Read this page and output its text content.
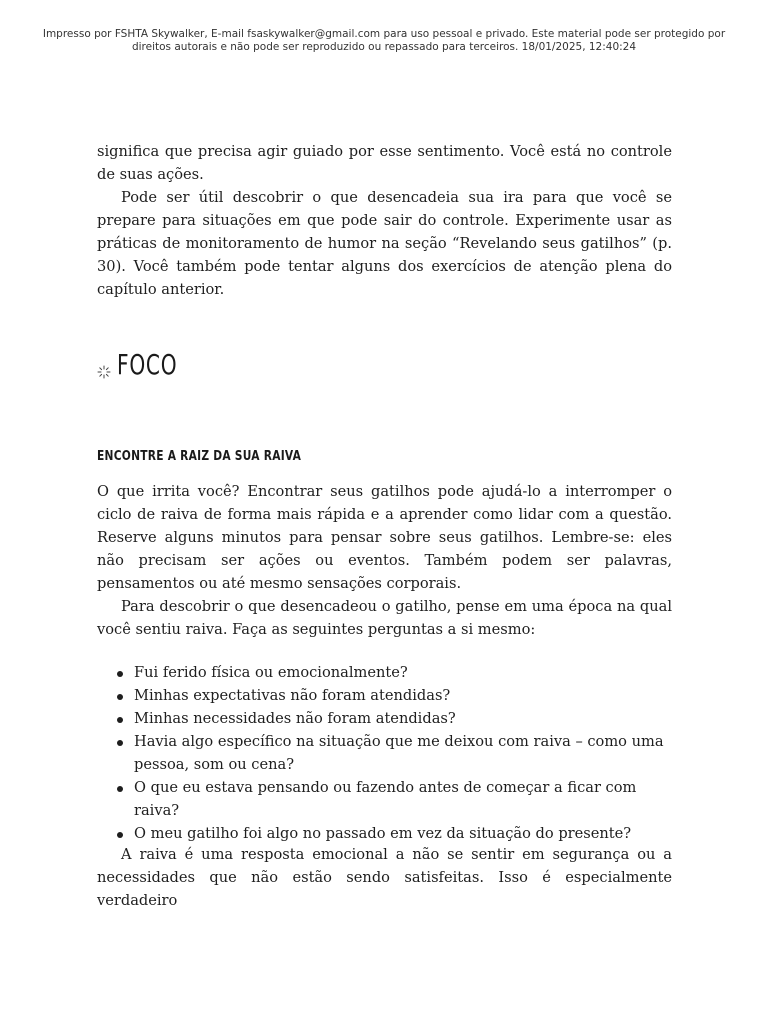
Impresso por FSHTA Skywalker, E-mail fsaskywalker@gmail.com para uso pessoal e privado. Este material pode ser protegido por
direitos autorais e não pode ser reproduzido ou repassado para terceiros. 18/01/2025, 12:40:24

significa que precisa agir guiado por esse sentimento. Você está no controle de suas ações.

Pode ser útil descobrir o que desencadeia sua ira para que você se prepare para situações em que pode sair do controle. Experimente usar as práticas de monitoramento de humor na seção “Revelando seus gatilhos” (p. 30). Você também pode tentar alguns dos exercícios de atenção plena do capítulo anterior.

FOCO
ENCONTRE A RAIZ DA SUA RAIVA

O que irrita você? Encontrar seus gatilhos pode ajudá-lo a interromper o ciclo de raiva de forma mais rápida e a aprender como lidar com a questão. Reserve alguns minutos para pensar sobre seus gatilhos. Lembre-se: eles não precisam ser ações ou eventos. Também podem ser palavras, pensamentos ou até mesmo sensações corporais.

Para descobrir o que desencadeou o gatilho, pense em uma época na qual você sentiu raiva. Faça as seguintes perguntas a si mesmo:

Fui ferido física ou emocionalmente?
Minhas expectativas não foram atendidas?
Minhas necessidades não foram atendidas?
Havia algo específico na situação que me deixou com raiva – como uma pessoa, som ou cena?
O que eu estava pensando ou fazendo antes de começar a ficar com raiva?
O meu gatilho foi algo no passado em vez da situação do presente?

A raiva é uma resposta emocional a não se sentir em segurança ou a necessidades que não estão sendo satisfeitas. Isso é especialmente verdadeiro
